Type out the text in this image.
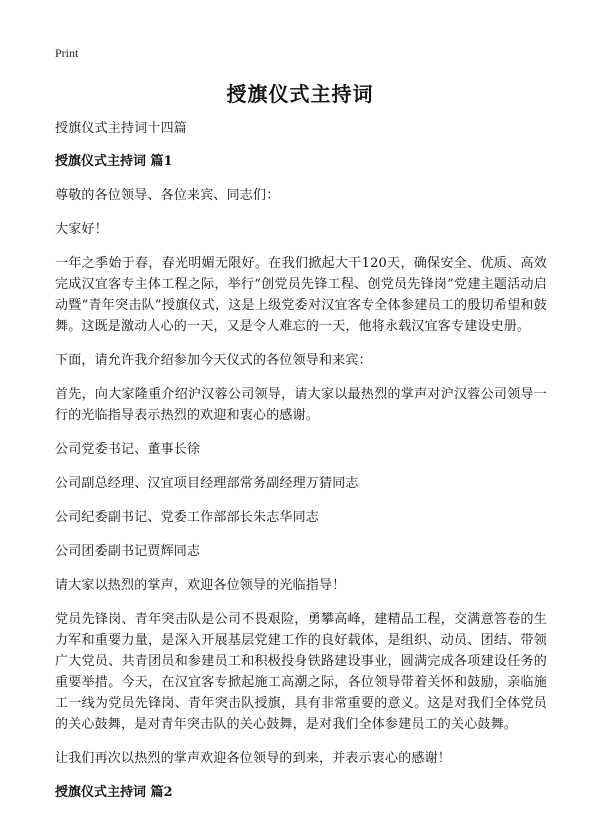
Print
授旗仪式主持词

授旗仪式主持词十四篇

授旗仪式主持词 篇1

尊敬的各位领导、各位来宾、同志们：

大家好！

一年之季始于春，春光明媚无限好。在我们掀起大干120天，确保安全、优质、高效完成汉宜客专主体工程之际，举行“创党员先锋工程、创党员先锋岗”党建主题活动启动暨“青年突击队”授旗仪式，这是上级党委对汉宜客专全体参建员工的殷切希望和鼓舞。这既是激动人心的一天，又是令人难忘的一天，他将永载汉宜客专建设史册。

下面，请允许我介绍参加今天仪式的各位领导和来宾：

首先，向大家隆重介绍沪汉蓉公司领导，请大家以最热烈的掌声对沪汉蓉公司领导一行的光临指导表示热烈的欢迎和衷心的感谢。

公司党委书记、董事长徐

公司副总经理、汉宜项目经理部常务副经理万猜同志

公司纪委副书记、党委工作部部长朱志华同志

公司团委副书记贾辉同志

请大家以热烈的掌声，欢迎各位领导的光临指导！

党员先锋岗、青年突击队是公司不畏艰险，勇攀高峰，建精品工程，交满意答卷的生力军和重要力量，是深入开展基层党建工作的良好载体，是组织、动员、团结、带领广大党员、共青团员和参建员工和积极投身铁路建设事业，圆满完成各项建设任务的重要举措。今天，在汉宜客专掀起施工高潮之际，各位领导带着关怀和鼓励，亲临施工一线为党员先锋岗、青年突击队授旗，具有非常重要的意义。这是对我们全体党员的关心鼓舞，是对青年突击队的关心鼓舞，是对我们全体参建员工的关心鼓舞。

让我们再次以热烈的掌声欢迎各位领导的到来，并表示衷心的感谢！

授旗仪式主持词 篇2
